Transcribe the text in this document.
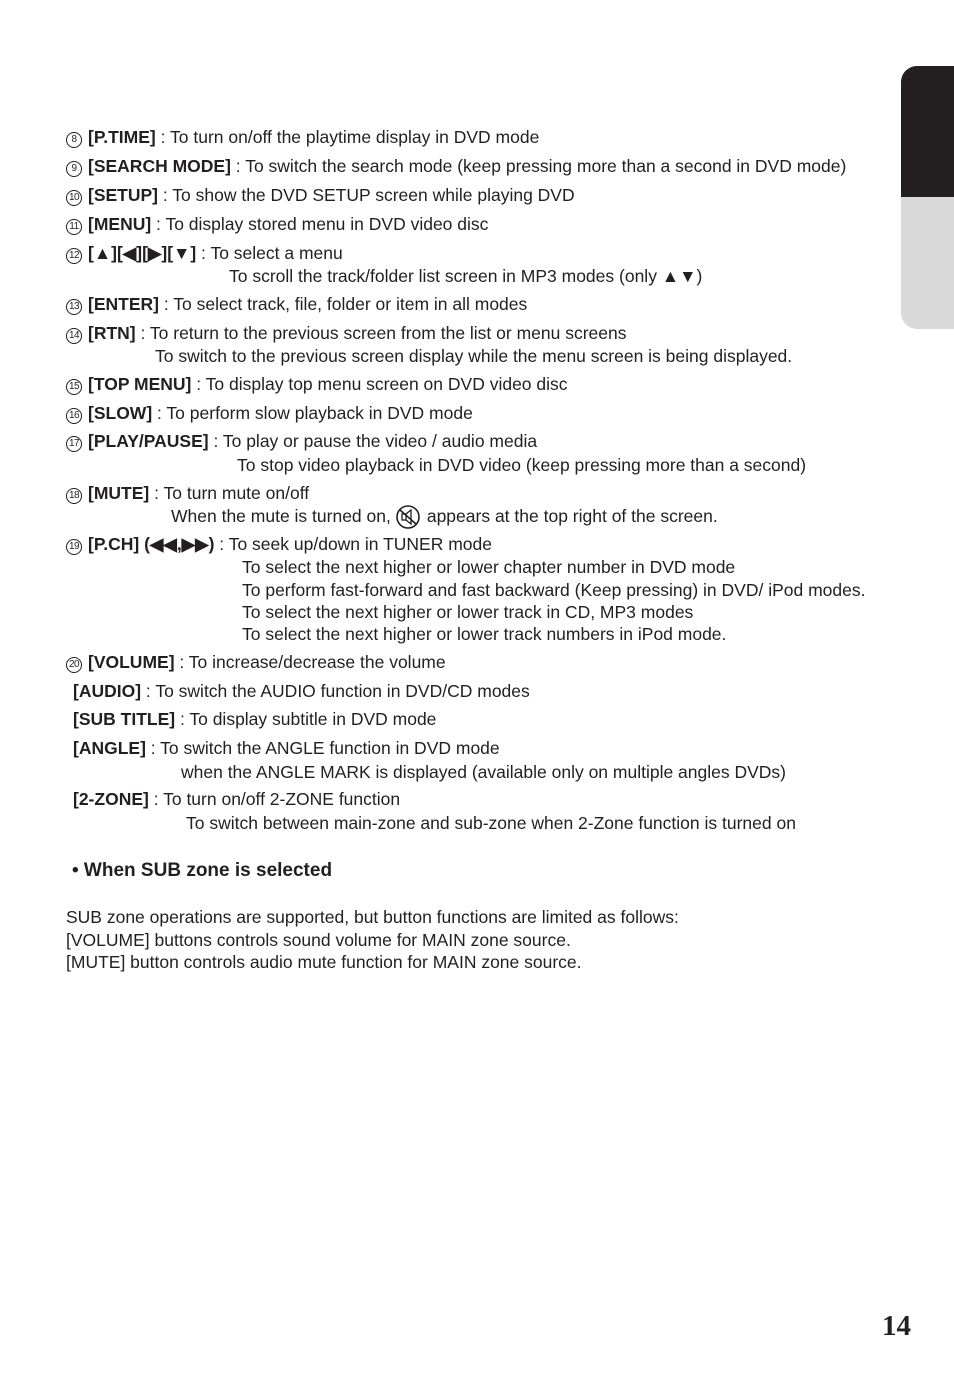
8 [P.TIME] : To turn on/off the playtime display in DVD mode
9 [SEARCH MODE] : To switch the search mode (keep pressing more than a second in DVD mode)
10 [SETUP] : To show the DVD SETUP screen while playing DVD
11 [MENU] : To display stored menu in DVD video disc
12 [▲][◀][▶][▼] : To select a menu
To scroll the track/folder list screen in MP3 modes (only ▲▼)
13 [ENTER] : To select track, file, folder or item in all modes
14 [RTN] : To return to the previous screen from the list or menu screens
To switch to the previous screen display while the menu screen is being displayed.
15 [TOP MENU] : To display top menu screen on DVD video disc
16 [SLOW] : To perform slow playback in DVD mode
17 [PLAY/PAUSE] : To play or pause the video / audio media
To stop video playback in DVD video (keep pressing more than a second)
18 [MUTE] : To turn mute on/off
When the mute is turned on, appears at the top right of the screen.
19 [P.CH] (◀◀,▶▶) : To seek up/down in TUNER mode
To select the next higher or lower chapter number in DVD mode
To perform fast-forward and fast backward (Keep pressing) in DVD/ iPod modes.
To select the next higher or lower track in CD, MP3 modes
To select the next higher or lower track numbers in iPod mode.
20 [VOLUME] : To increase/decrease the volume
[AUDIO] : To switch the AUDIO function in DVD/CD modes
[SUB TITLE] : To display subtitle in DVD mode
[ANGLE] : To switch the ANGLE function in DVD mode
when the ANGLE MARK is displayed (available only on multiple angles DVDs)
[2-ZONE] : To turn on/off 2-ZONE function
To switch between main-zone and sub-zone when 2-Zone function is turned on
• When SUB zone is selected
SUB zone operations are supported, but button functions are limited as follows:
[VOLUME] buttons controls sound volume for MAIN zone source.
[MUTE] button controls audio mute function for MAIN zone source.
14
